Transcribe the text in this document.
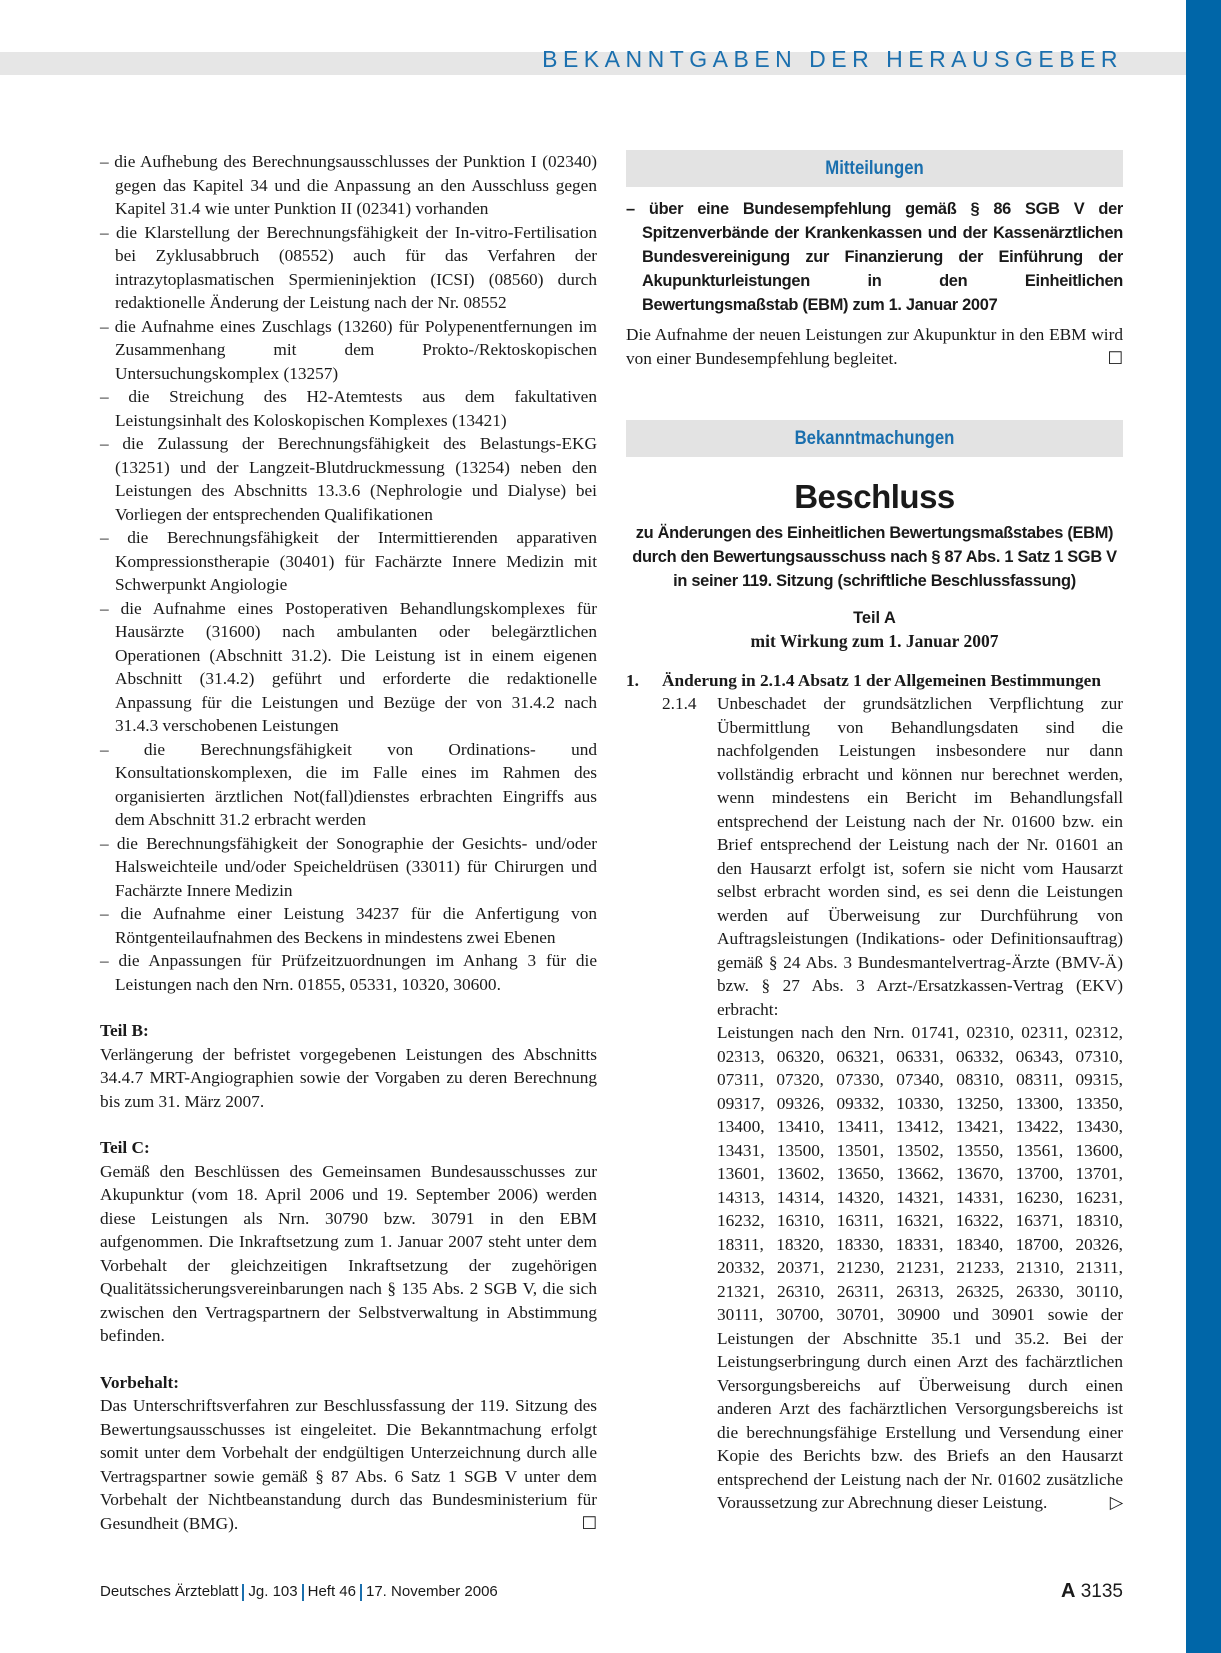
BEKANNTGABEN DER HERAUSGEBER
– die Aufhebung des Berechnungsausschlusses der Punktion I (02340) gegen das Kapitel 34 und die Anpassung an den Ausschluss gegen Kapitel 31.4 wie unter Punktion II (02341) vorhanden
– die Klarstellung der Berechnungsfähigkeit der In-vitro-Fertilisation bei Zyklusabbruch (08552) auch für das Verfahren der intrazytoplasmatischen Spermieninjektion (ICSI) (08560) durch redaktionelle Änderung der Leistung nach der Nr. 08552
– die Aufnahme eines Zuschlags (13260) für Polypenentfernungen im Zusammenhang mit dem Prokto-/Rektoskopischen Untersuchungskomplex (13257)
– die Streichung des H2-Atemtests aus dem fakultativen Leistungsinhalt des Koloskopischen Komplexes (13421)
– die Zulassung der Berechnungsfähigkeit des Belastungs-EKG (13251) und der Langzeit-Blutdruckmessung (13254) neben den Leistungen des Abschnitts 13.3.6 (Nephrologie und Dialyse) bei Vorliegen der entsprechenden Qualifikationen
– die Berechnungsfähigkeit der Intermittierenden apparativen Kompressionstherapie (30401) für Fachärzte Innere Medizin mit Schwerpunkt Angiologie
– die Aufnahme eines Postoperativen Behandlungskomplexes für Hausärzte (31600) nach ambulanten oder belegärztlichen Operationen (Abschnitt 31.2). Die Leistung ist in einem eigenen Abschnitt (31.4.2) geführt und erforderte die redaktionelle Anpassung für die Leistungen und Bezüge der von 31.4.2 nach 31.4.3 verschobenen Leistungen
– die Berechnungsfähigkeit von Ordinations- und Konsultationskomplexen, die im Falle eines im Rahmen des organisierten ärztlichen Not(fall)dienstes erbrachten Eingriffs aus dem Abschnitt 31.2 erbracht werden
– die Berechnungsfähigkeit der Sonographie der Gesichts- und/oder Halsweichteile und/oder Speicheldrüsen (33011) für Chirurgen und Fachärzte Innere Medizin
– die Aufnahme einer Leistung 34237 für die Anfertigung von Röntgenteilaufnahmen des Beckens in mindestens zwei Ebenen
– die Anpassungen für Prüfzeitzuordnungen im Anhang 3 für die Leistungen nach den Nrn. 01855, 05331, 10320, 30600.
Teil B:

Verlängerung der befristet vorgegebenen Leistungen des Abschnitts 34.4.7 MRT-Angiographien sowie der Vorgaben zu deren Berechnung bis zum 31. März 2007.

Teil C:

Gemäß den Beschlüssen des Gemeinsamen Bundesausschusses zur Akupunktur (vom 18. April 2006 und 19. September 2006) werden diese Leistungen als Nrn. 30790 bzw. 30791 in den EBM aufgenommen. Die Inkraftsetzung zum 1. Januar 2007 steht unter dem Vorbehalt der gleichzeitigen Inkraftsetzung der zugehörigen Qualitätssicherungsvereinbarungen nach § 135 Abs. 2 SGB V, die sich zwischen den Vertragspartnern der Selbstverwaltung in Abstimmung befinden.

Vorbehalt:

Das Unterschriftsverfahren zur Beschlussfassung der 119. Sitzung des Bewertungsausschusses ist eingeleitet. Die Bekanntmachung erfolgt somit unter dem Vorbehalt der endgültigen Unterzeichnung durch alle Vertragspartner sowie gemäß § 87 Abs. 6 Satz 1 SGB V unter dem Vorbehalt der Nichtbeanstandung durch das Bundesministerium für Gesundheit (BMG).	☐

Mitteilungen
– über eine Bundesempfehlung gemäß § 86 SGB V der Spitzenverbände der Krankenkassen und der Kassenärztlichen Bundesvereinigung zur Finanzierung der Einführung der Akupunkturleistungen in den Einheitlichen Bewertungsmaßstab (EBM) zum 1. Januar 2007

Die Aufnahme der neuen Leistungen zur Akupunktur in den EBM wird von einer Bundesempfehlung begleitet.	☐

Bekanntmachungen
Beschluss
zu Änderungen des Einheitlichen Bewertungsmaßstabes (EBM) durch den Bewertungsausschuss nach § 87 Abs. 1 Satz 1 SGB V in seiner 119. Sitzung (schriftliche Beschlussfassung)
Teil A
mit Wirkung zum 1. Januar 2007
1.	Änderung in 2.1.4 Absatz 1 der Allgemeinen Bestimmungen
2.1.4	Unbeschadet der grundsätzlichen Verpflichtung zur Übermittlung von Behandlungsdaten sind die nachfolgenden Leistungen insbesondere nur dann vollständig erbracht und können nur berechnet werden, wenn mindestens ein Bericht im Behandlungsfall entsprechend der Leistung nach der Nr. 01600 bzw. ein Brief entsprechend der Leistung nach der Nr. 01601 an den Hausarzt erfolgt ist, sofern sie nicht vom Hausarzt selbst erbracht worden sind, es sei denn die Leistungen werden auf Überweisung zur Durchführung von Auftragsleistungen (Indikations- oder Definitionsauftrag) gemäß § 24 Abs. 3 Bundesmantelvertrag-Ärzte (BMV-Ä) bzw. § 27 Abs. 3 Arzt-/Ersatzkassen-Vertrag (EKV) erbracht:

Leistungen nach den Nrn. 01741, 02310, 02311, 02312, 02313, 06320, 06321, 06331, 06332, 06343, 07310, 07311, 07320, 07330, 07340, 08310, 08311, 09315, 09317, 09326, 09332, 10330, 13250, 13300, 13350, 13400, 13410, 13411, 13412, 13421, 13422, 13430, 13431, 13500, 13501, 13502, 13550, 13561, 13600, 13601, 13602, 13650, 13662, 13670, 13700, 13701, 14313, 14314, 14320, 14321, 14331, 16230, 16231, 16232, 16310, 16311, 16321, 16322, 16371, 18310, 18311, 18320, 18330, 18331, 18340, 18700, 20326, 20332, 20371, 21230, 21231, 21233, 21310, 21311, 21321, 26310, 26311, 26313, 26325, 26330, 30110, 30111, 30700, 30701, 30900 und 30901 sowie der Leistungen der Abschnitte 35.1 und 35.2. Bei der Leistungserbringung durch einen Arzt des fachärztlichen Versorgungsbereichs auf Überweisung durch einen anderen Arzt des fachärztlichen Versorgungsbereichs ist die berechnungsfähige Erstellung und Versendung einer Kopie des Berichts bzw. des Briefs an den Hausarzt entsprechend der Leistung nach der Nr. 01602 zusätzliche Voraussetzung zur Abrechnung dieser Leistung.	▷

Deutsches Ärzteblatt Jg. 103 Heft 46 17. November 2006	A 3135
